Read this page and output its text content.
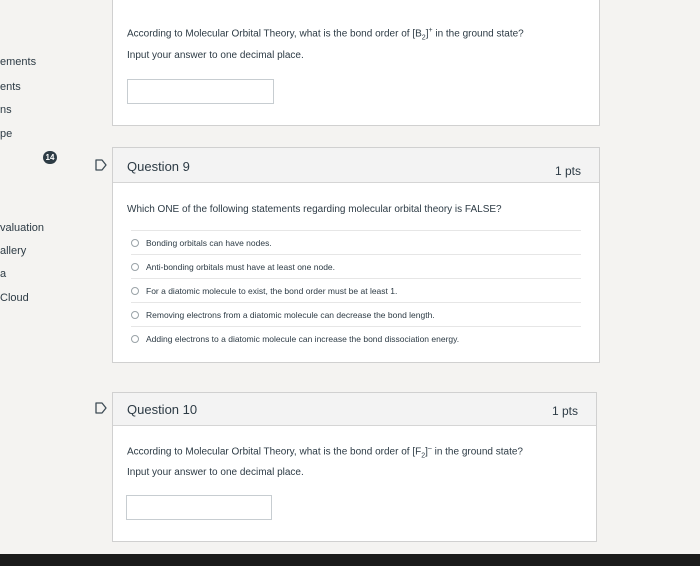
ements
ents
ns
pe
valuation
allery
a
Cloud
14
According to Molecular Orbital Theory, what is the bond order of $[B_2]^+$ in the ground state?
Input your answer to one decimal place.
Question 9	1 pts
Which ONE of the following statements regarding molecular orbital theory is FALSE?
Bonding orbitals can have nodes.
Anti-bonding orbitals must have at least one node.
For a diatomic molecule to exist, the bond order must be at least 1.
Removing electrons from a diatomic molecule can decrease the bond length.
Adding electrons to a diatomic molecule can increase the bond dissociation energy.
Question 10	1 pts
According to Molecular Orbital Theory, what is the bond order of $[F_2]^-$ in the ground state?
Input your answer to one decimal place.
